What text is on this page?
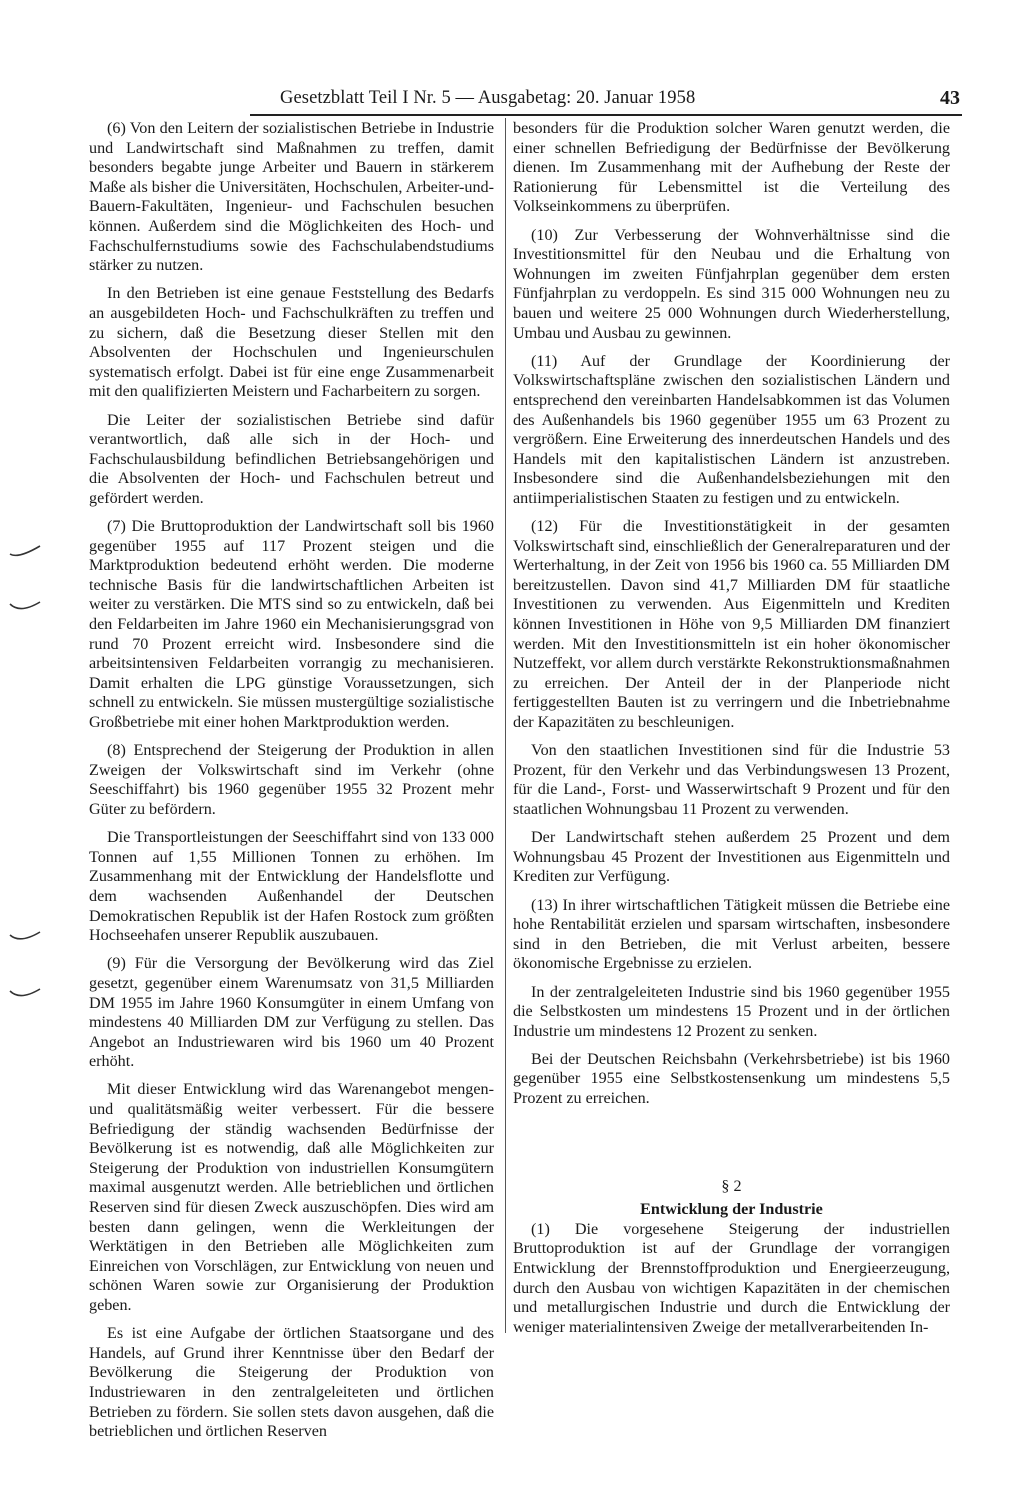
Gesetzblatt Teil I Nr. 5 — Ausgabetag: 20. Januar 1958	43

(6) Von den Leitern der sozialistischen Betriebe in Industrie und Landwirtschaft sind Maßnahmen zu treffen, damit besonders begabte junge Arbeiter und Bauern in stärkerem Maße als bisher die Universitäten, Hochschulen, Arbeiter-und-Bauern-Fakultäten, Ingenieur- und Fachschulen besuchen können. Außerdem sind die Möglichkeiten des Hoch- und Fachschulfernstudiums sowie des Fachschulabendstudiums stärker zu nutzen.

In den Betrieben ist eine genaue Feststellung des Bedarfs an ausgebildeten Hoch- und Fachschulkräften zu treffen und zu sichern, daß die Besetzung dieser Stellen mit den Absolventen der Hochschulen und Ingenieurschulen systematisch erfolgt. Dabei ist für eine enge Zusammenarbeit mit den qualifizierten Meistern und Facharbeitern zu sorgen.

Die Leiter der sozialistischen Betriebe sind dafür verantwortlich, daß alle sich in der Hoch- und Fachschulausbildung befindlichen Betriebsangehörigen und die Absolventen der Hoch- und Fachschulen betreut und gefördert werden.

(7) Die Bruttoproduktion der Landwirtschaft soll bis 1960 gegenüber 1955 auf 117 Prozent steigen und die Marktproduktion bedeutend erhöht werden. Die moderne technische Basis für die landwirtschaftlichen Arbeiten ist weiter zu verstärken. Die MTS sind so zu entwickeln, daß bei den Feldarbeiten im Jahre 1960 ein Mechanisierungsgrad von rund 70 Prozent erreicht wird. Insbesondere sind die arbeitsintensiven Feldarbeiten vorrangig zu mechanisieren. Damit erhalten die LPG günstige Voraussetzungen, sich schnell zu entwickeln. Sie müssen mustergültige sozialistische Großbetriebe mit einer hohen Marktproduktion werden.

(8) Entsprechend der Steigerung der Produktion in allen Zweigen der Volkswirtschaft sind im Verkehr (ohne Seeschiffahrt) bis 1960 gegenüber 1955 32 Prozent mehr Güter zu befördern.

Die Transportleistungen der Seeschiffahrt sind von 133 000 Tonnen auf 1,55 Millionen Tonnen zu erhöhen. Im Zusammenhang mit der Entwicklung der Handelsflotte und dem wachsenden Außenhandel der Deutschen Demokratischen Republik ist der Hafen Rostock zum größten Hochseehafen unserer Republik auszubauen.

(9) Für die Versorgung der Bevölkerung wird das Ziel gesetzt, gegenüber einem Warenumsatz von 31,5 Milliarden DM 1955 im Jahre 1960 Konsumgüter in einem Umfang von mindestens 40 Milliarden DM zur Verfügung zu stellen. Das Angebot an Industriewaren wird bis 1960 um 40 Prozent erhöht.

Mit dieser Entwicklung wird das Warenangebot mengen- und qualitätsmäßig weiter verbessert. Für die bessere Befriedigung der ständig wachsenden Bedürfnisse der Bevölkerung ist es notwendig, daß alle Möglichkeiten zur Steigerung der Produktion von industriellen Konsumgütern maximal ausgenutzt werden. Alle betrieblichen und örtlichen Reserven sind für diesen Zweck auszuschöpfen. Dies wird am besten dann gelingen, wenn die Werkleitungen der Werktätigen in den Betrieben alle Möglichkeiten zum Einreichen von Vorschlägen, zur Entwicklung von neuen und schönen Waren sowie zur Organisierung der Produktion geben.

Es ist eine Aufgabe der örtlichen Staatsorgane und des Handels, auf Grund ihrer Kenntnisse über den Bedarf der Bevölkerung die Steigerung der Produktion von Industriewaren in den zentralgeleiteten und örtlichen Betrieben zu fördern. Sie sollen stets davon ausgehen, daß die betrieblichen und örtlichen Reserven

besonders für die Produktion solcher Waren genutzt werden, die einer schnellen Befriedigung der Bedürfnisse der Bevölkerung dienen. Im Zusammenhang mit der Aufhebung der Reste der Rationierung für Lebensmittel ist die Verteilung des Volkseinkommens zu überprüfen.

(10) Zur Verbesserung der Wohnverhältnisse sind die Investitionsmittel für den Neubau und die Erhaltung von Wohnungen im zweiten Fünfjahrplan gegenüber dem ersten Fünfjahrplan zu verdoppeln. Es sind 315 000 Wohnungen neu zu bauen und weitere 25 000 Wohnungen durch Wiederherstellung, Umbau und Ausbau zu gewinnen.

(11) Auf der Grundlage der Koordinierung der Volkswirtschaftspläne zwischen den sozialistischen Ländern und entsprechend den vereinbarten Handelsabkommen ist das Volumen des Außenhandels bis 1960 gegenüber 1955 um 63 Prozent zu vergrößern. Eine Erweiterung des innerdeutschen Handels und des Handels mit den kapitalistischen Ländern ist anzustreben. Insbesondere sind die Außenhandelsbeziehungen mit den antiimperialistischen Staaten zu festigen und zu entwickeln.

(12) Für die Investitionstätigkeit in der gesamten Volkswirtschaft sind, einschließlich der Generalreparaturen und der Werterhaltung, in der Zeit von 1956 bis 1960 ca. 55 Milliarden DM bereitzustellen. Davon sind 41,7 Milliarden DM für staatliche Investitionen zu verwenden. Aus Eigenmitteln und Krediten können Investitionen in Höhe von 9,5 Milliarden DM finanziert werden. Mit den Investitionsmitteln ist ein hoher ökonomischer Nutzeffekt, vor allem durch verstärkte Rekonstruktionsmaßnahmen zu erreichen. Der Anteil der in der Planperiode nicht fertiggestellten Bauten ist zu verringern und die Inbetriebnahme der Kapazitäten zu beschleunigen.

Von den staatlichen Investitionen sind für die Industrie 53 Prozent, für den Verkehr und das Verbindungswesen 13 Prozent, für die Land-, Forst- und Wasserwirtschaft 9 Prozent und für den staatlichen Wohnungsbau 11 Prozent zu verwenden.

Der Landwirtschaft stehen außerdem 25 Prozent und dem Wohnungsbau 45 Prozent der Investitionen aus Eigenmitteln und Krediten zur Verfügung.

(13) In ihrer wirtschaftlichen Tätigkeit müssen die Betriebe eine hohe Rentabilität erzielen und sparsam wirtschaften, insbesondere sind in den Betrieben, die mit Verlust arbeiten, bessere ökonomische Ergebnisse zu erzielen.

In der zentralgeleiteten Industrie sind bis 1960 gegenüber 1955 die Selbstkosten um mindestens 15 Prozent und in der örtlichen Industrie um mindestens 12 Prozent zu senken.

Bei der Deutschen Reichsbahn (Verkehrsbetriebe) ist bis 1960 gegenüber 1955 eine Selbstkostensenkung um mindestens 5,5 Prozent zu erreichen.

§ 2

Entwicklung der Industrie

(1) Die vorgesehene Steigerung der industriellen Bruttoproduktion ist auf der Grundlage der vorrangigen Entwicklung der Brennstoffproduktion und Energieerzeugung, durch den Ausbau von wichtigen Kapazitäten in der chemischen und metallurgischen Industrie und durch die Entwicklung der weniger materialintensiven Zweige der metallverarbeitenden In-
